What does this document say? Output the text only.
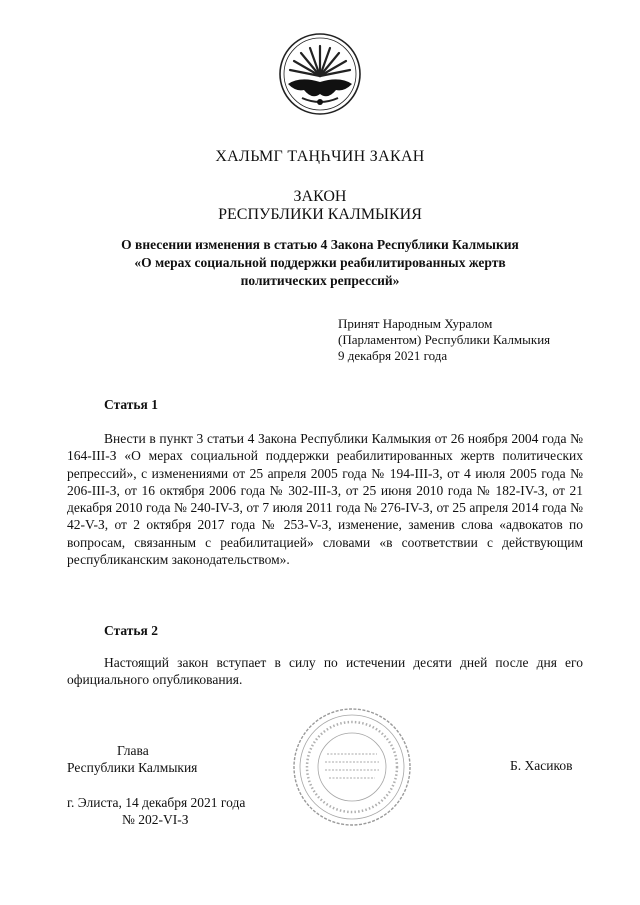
ХАЛЬМГ ТАҢҺЧИН ЗАКАН
ЗАКОН
РЕСПУБЛИКИ КАЛМЫКИЯ
О внесении изменения в статью 4 Закона Республики Калмыкия
«О мерах социальной поддержки реабилитированных жертв
политических репрессий»
Принят Народным Хуралом
(Парламентом) Республики Калмыкия
9 декабря 2021 года
Статья 1
Внести в пункт 3 статьи 4 Закона Республики Калмыкия от 26 ноября 2004 года № 164-III-З «О мерах социальной поддержки реабилитированных жертв политических репрессий», с изменениями от 25 апреля 2005 года № 194-III-З, от 4 июля 2005 года № 206-III-З, от 16 октября 2006 года № 302-III-З, от 25 июня 2010 года № 182-IV-З, от 21 декабря 2010 года № 240-IV-З, от 7 июля 2011 года № 276-IV-З, от 25 апреля 2014 года № 42-V-З, от 2 октября 2017 года № 253-V-З, изменение, заменив слова «адвокатов по вопросам, связанным с реабилитацией» словами «в соответствии с действующим республиканским законодательством».
Статья 2
Настоящий закон вступает в силу по истечении десяти дней после дня его официального опубликования.
Глава
Республики Калмыкия	Б. Хасиков
г. Элиста, 14 декабря 2021 года
№ 202-VI-З
